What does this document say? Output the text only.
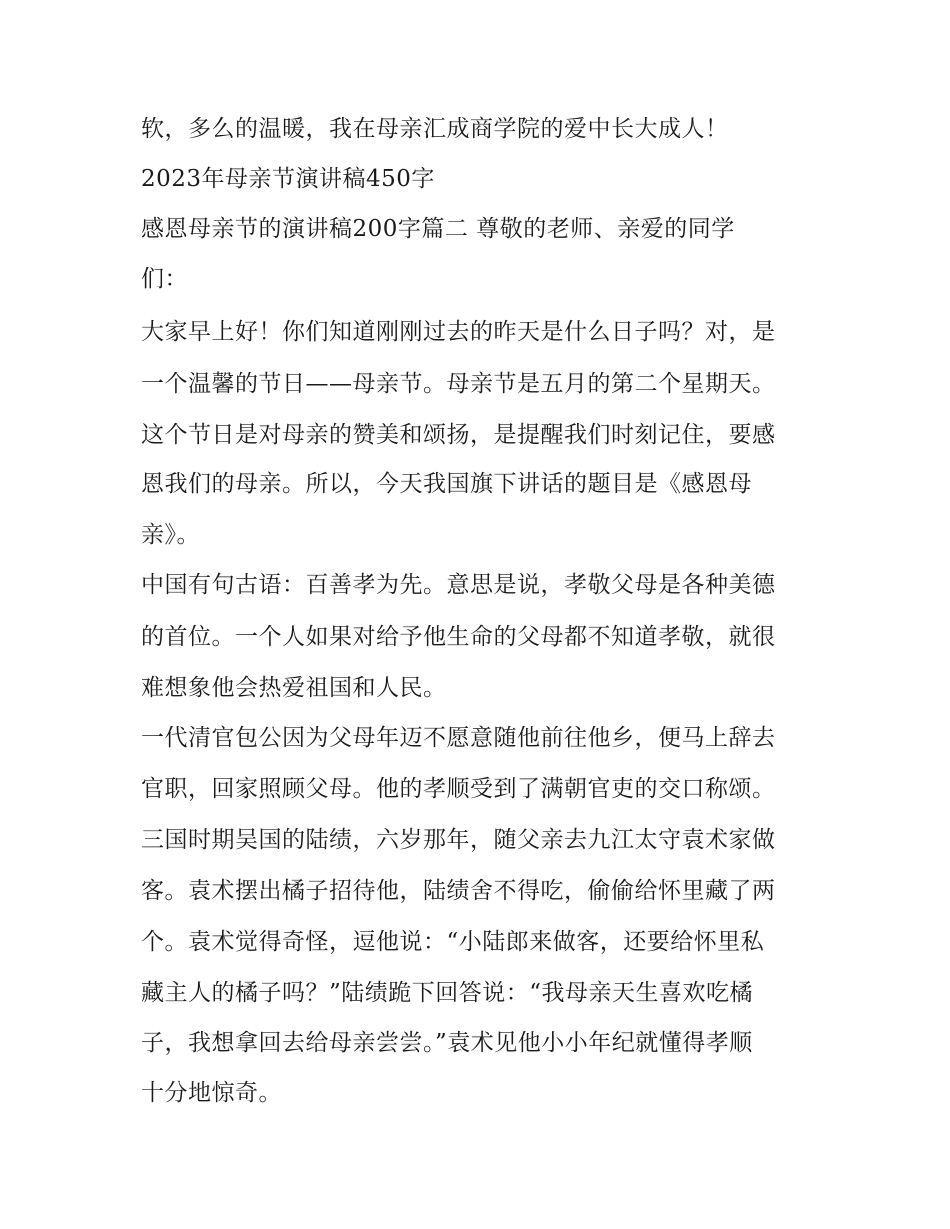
软，多么的温暖，我在母亲汇成商学院的爱中长大成人！
2023年母亲节演讲稿450字
感恩母亲节的演讲稿200字篇二 尊敬的老师、亲爱的同学
们：
大家早上好！你们知道刚刚过去的昨天是什么日子吗？对，是
一个温馨的节日——母亲节。母亲节是五月的第二个星期天。
这个节日是对母亲的赞美和颂扬，是提醒我们时刻记住，要感
恩我们的母亲。所以，今天我国旗下讲话的题目是《感恩母
亲》。
中国有句古语：百善孝为先。意思是说，孝敬父母是各种美德
的首位。一个人如果对给予他生命的父母都不知道孝敬，就很
难想象他会热爱祖国和人民。
一代清官包公因为父母年迈不愿意随他前往他乡，便马上辞去
官职，回家照顾父母。他的孝顺受到了满朝官吏的交口称颂。
三国时期吴国的陆绩，六岁那年，随父亲去九江太守袁术家做
客。袁术摆出橘子招待他，陆绩舍不得吃，偷偷给怀里藏了两
个。袁术觉得奇怪，逗他说：“小陆郎来做客，还要给怀里私
藏主人的橘子吗？”陆绩跪下回答说：“我母亲天生喜欢吃橘
子，我想拿回去给母亲尝尝。”袁术见他小小年纪就懂得孝顺
十分地惊奇。
